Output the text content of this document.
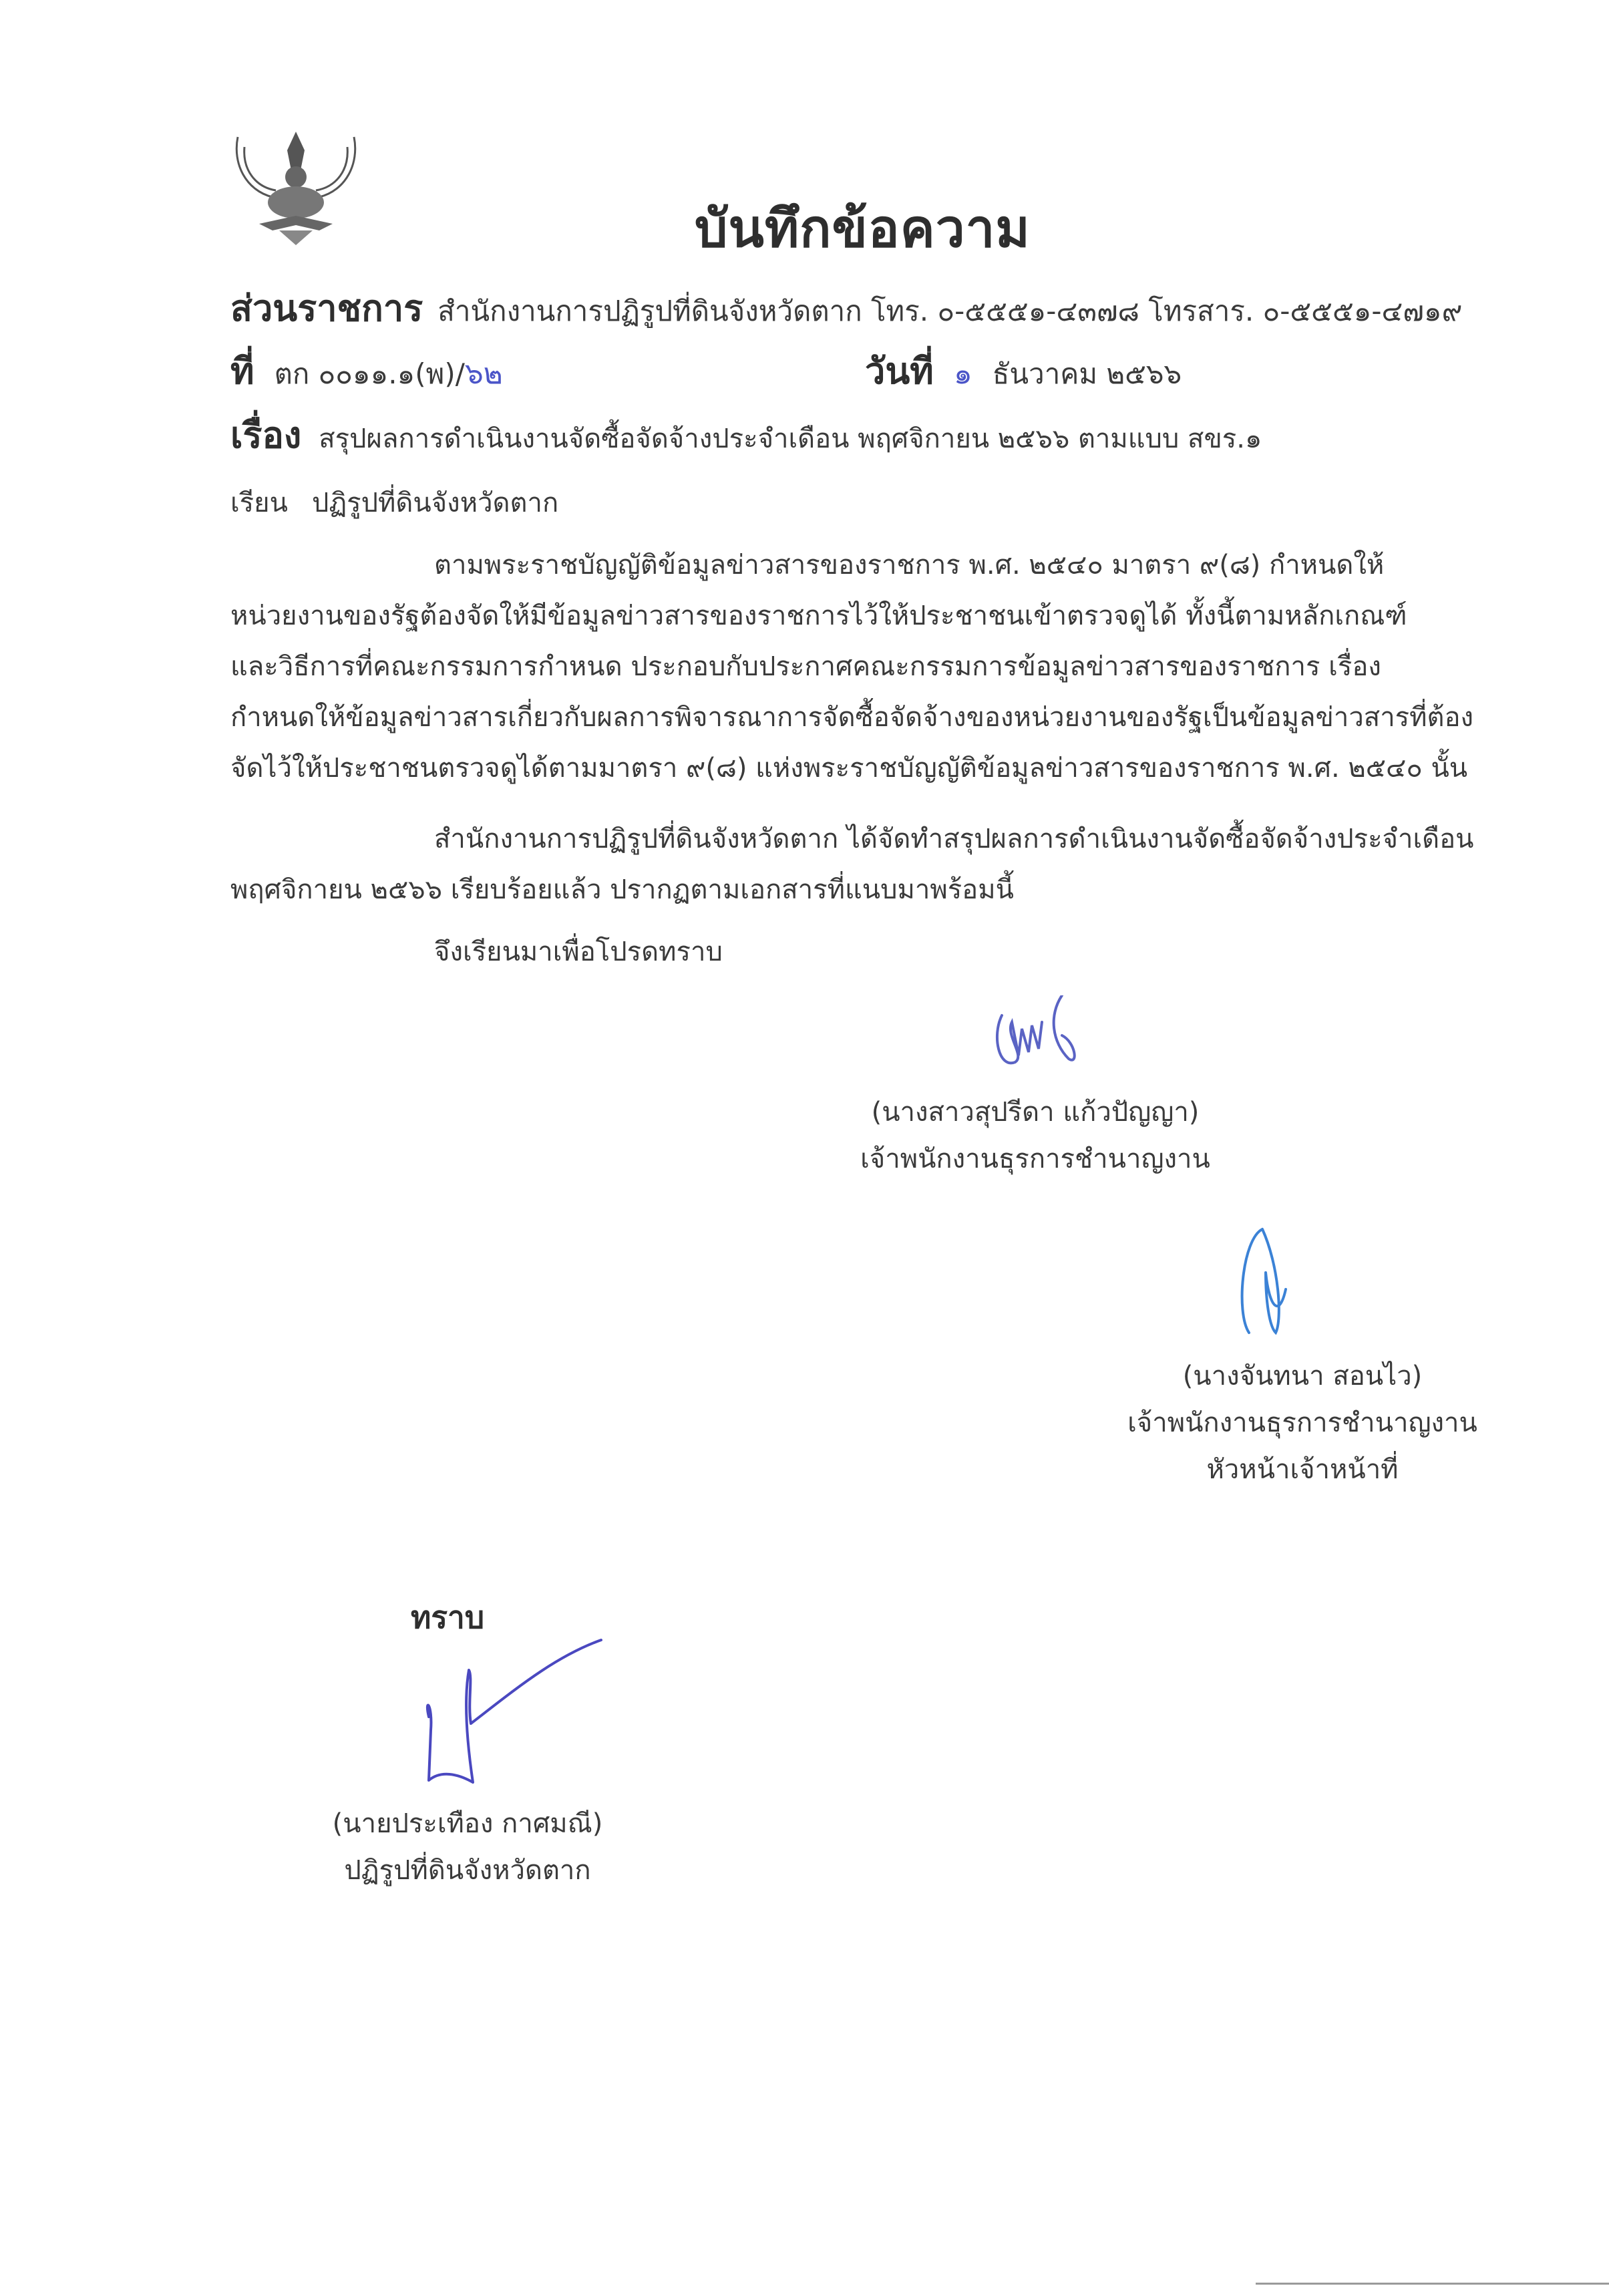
บันทึกข้อความ
ส่วนราชการ สำนักงานการปฏิรูปที่ดินจังหวัดตาก โทร. ๐-๕๕๕๑-๔๓๗๘ โทรสาร. ๐-๕๕๕๑-๔๗๑๙
ที่ ตก ๐๐๑๑.๑(พ)/๖๒	วันที่ ๑ ธันวาคม ๒๕๖๖
เรื่อง สรุปผลการดำเนินงานจัดซื้อจัดจ้างประจำเดือน พฤศจิกายน ๒๕๖๖ ตามแบบ สขร.๑
เรียน ปฏิรูปที่ดินจังหวัดตาก
ตามพระราชบัญญัติข้อมูลข่าวสารของราชการ พ.ศ. ๒๕๔๐ มาตรา ๙(๘) กำหนดให้
หน่วยงานของรัฐต้องจัดให้มีข้อมูลข่าวสารของราชการไว้ให้ประชาชนเข้าตรวจดูได้ ทั้งนี้ตามหลักเกณฑ์
และวิธีการที่คณะกรรมการกำหนด ประกอบกับประกาศคณะกรรมการข้อมูลข่าวสารของราชการ เรื่อง
กำหนดให้ข้อมูลข่าวสารเกี่ยวกับผลการพิจารณาการจัดซื้อจัดจ้างของหน่วยงานของรัฐเป็นข้อมูลข่าวสารที่ต้อง
จัดไว้ให้ประชาชนตรวจดูได้ตามมาตรา ๙(๘) แห่งพระราชบัญญัติข้อมูลข่าวสารของราชการ พ.ศ. ๒๕๔๐ นั้น
สำนักงานการปฏิรูปที่ดินจังหวัดตาก ได้จัดทำสรุปผลการดำเนินงานจัดซื้อจัดจ้างประจำเดือน
พฤศจิกายน ๒๕๖๖ เรียบร้อยแล้ว ปรากฏตามเอกสารที่แนบมาพร้อมนี้
จึงเรียนมาเพื่อโปรดทราบ
(นางสาวสุปรีดา แก้วปัญญา)
เจ้าพนักงานธุรการชำนาญงาน
(นางจันทนา สอนไว)
เจ้าพนักงานธุรการชำนาญงาน
หัวหน้าเจ้าหน้าที่
ทราบ
(นายประเทือง กาศมณี)
ปฏิรูปที่ดินจังหวัดตาก
